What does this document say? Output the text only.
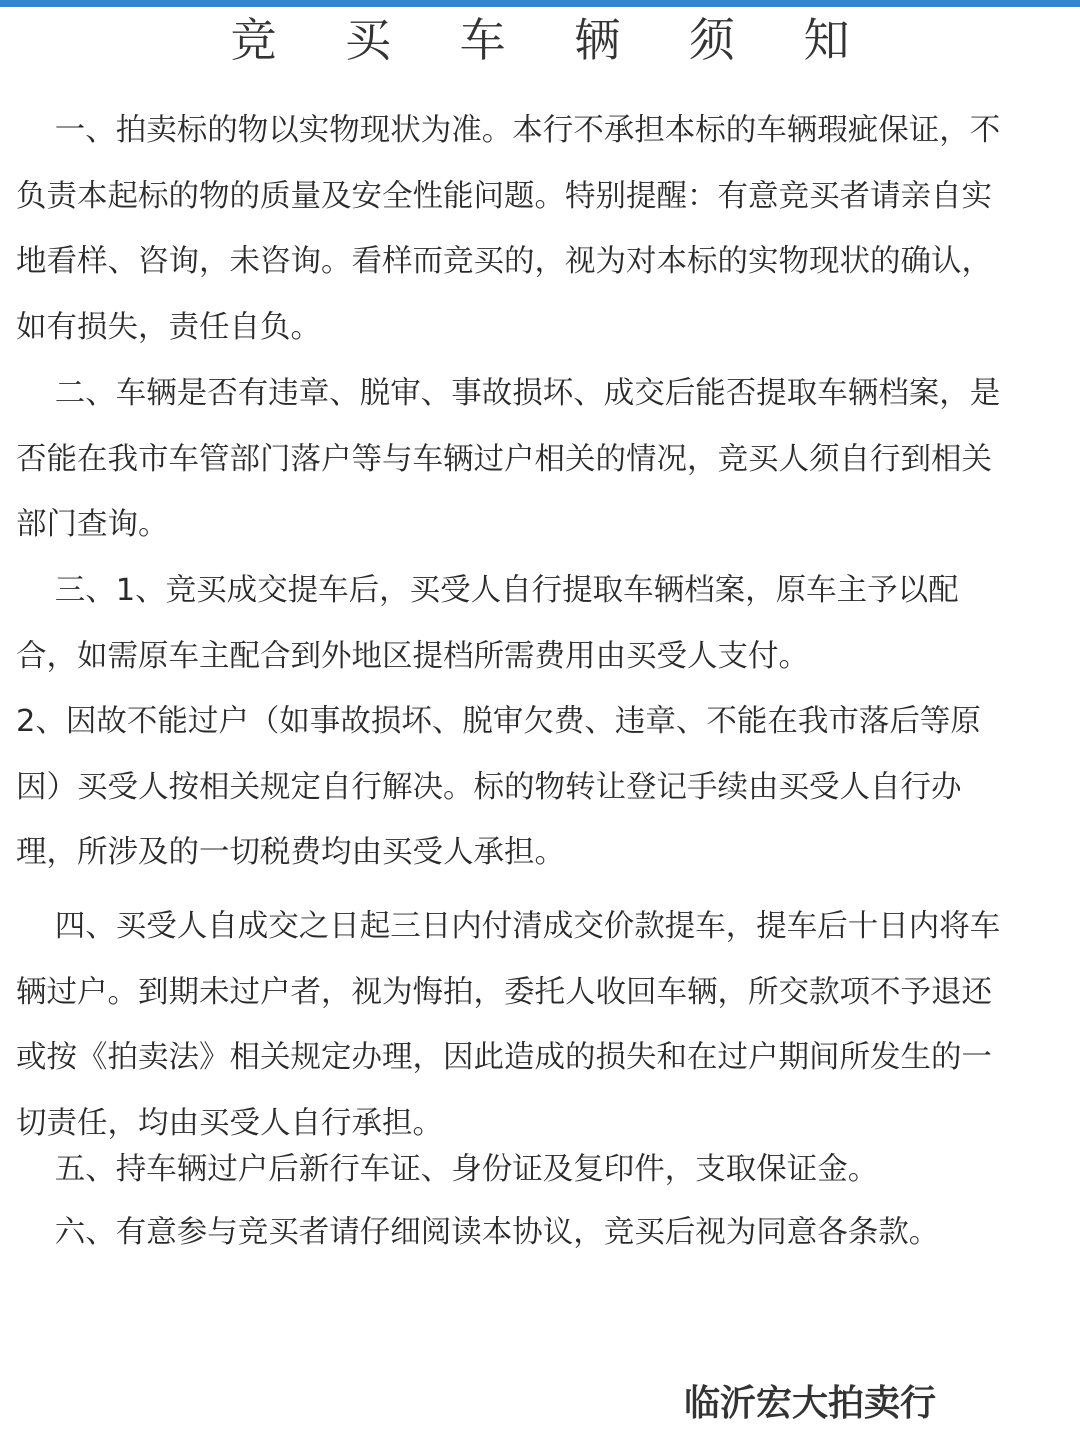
竞 买 车 辆 须 知

一、拍卖标的物以实物现状为准。本行不承担本标的车辆瑕疵保证，不负责本起标的物的质量及安全性能问题。特别提醒：有意竞买者请亲自实地看样、咨询，未咨询。看样而竞买的，视为对本标的实物现状的确认，如有损失，责任自负。

二、车辆是否有违章、脱审、事故损坏、成交后能否提取车辆档案，是否能在我市车管部门落户等与车辆过户相关的情况，竞买人须自行到相关部门查询。

三、1、竞买成交提车后，买受人自行提取车辆档案，原车主予以配合，如需原车主配合到外地区提档所需费用由买受人支付。
2、因故不能过户（如事故损坏、脱审欠费、违章、不能在我市落后等原因）买受人按相关规定自行解决。标的物转让登记手续由买受人自行办理，所涉及的一切税费均由买受人承担。

四、买受人自成交之日起三日内付清成交价款提车，提车后十日内将车辆过户。到期未过户者，视为悔拍，委托人收回车辆，所交款项不予退还或按《拍卖法》相关规定办理，因此造成的损失和在过户期间所发生的一切责任，均由买受人自行承担。

五、持车辆过户后新行车证、身份证及复印件，支取保证金。

六、有意参与竞买者请仔细阅读本协议，竞买后视为同意各条款。

临沂宏大拍卖行
